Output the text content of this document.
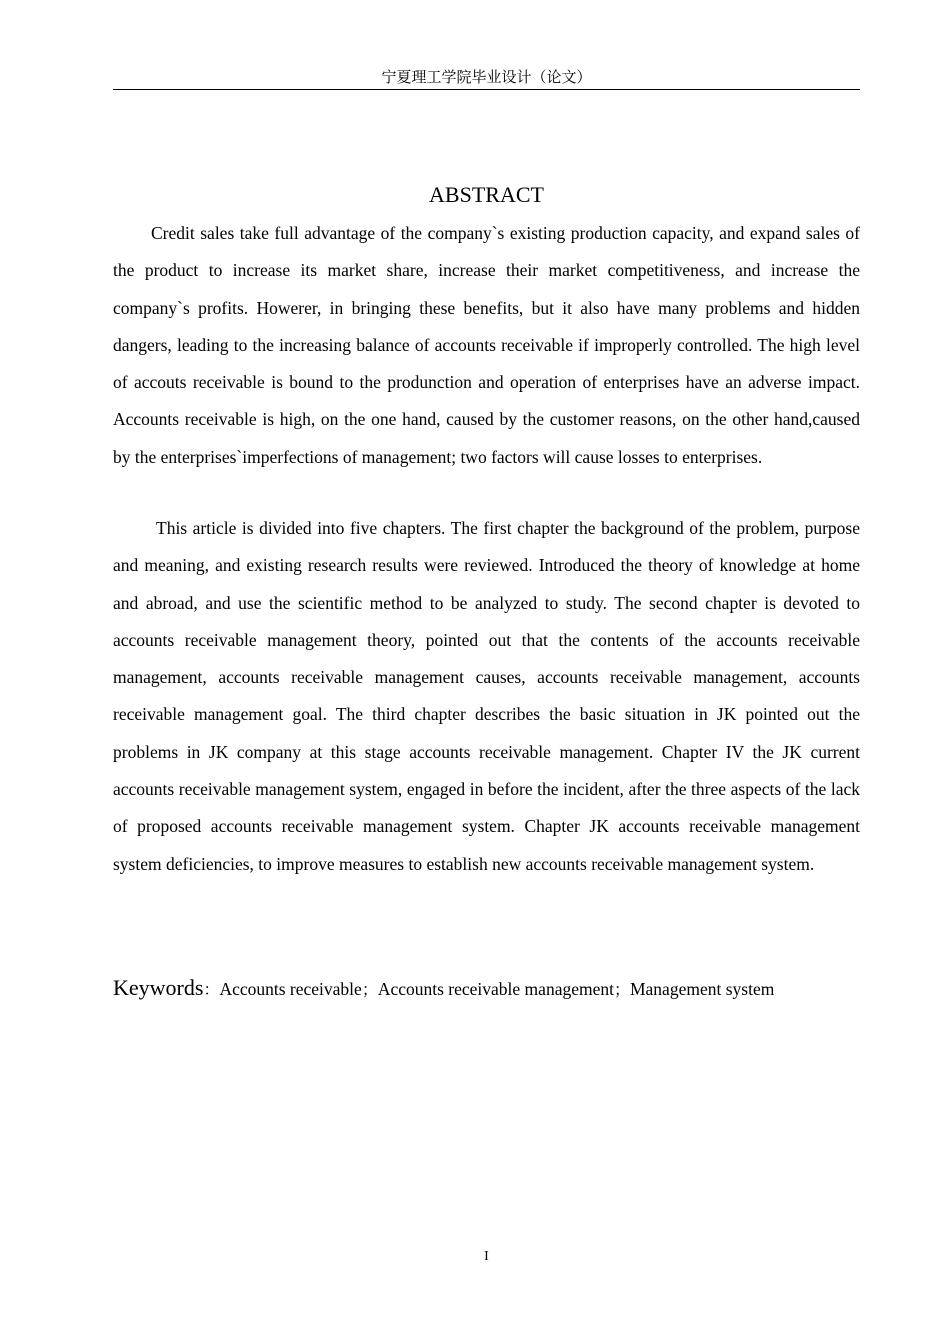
宁夏理工学院毕业设计（论文）
ABSTRACT

Credit sales take full advantage of the company`s existing production capacity, and expand sales of the product to increase its market share, increase their market competitiveness, and increase the company`s profits. Howerer, in bringing these benefits, but it also have many problems and hidden dangers, leading to the increasing balance of accounts receivable if improperly controlled. The high level of accouts receivable is bound to the produnction and operation of enterprises have an adverse impact. Accounts receivable is high, on the one hand, caused by the customer reasons, on the other hand,caused by the enterprises`imperfections of management; two factors will cause losses to enterprises.

This article is divided into five chapters. The first chapter the background of the problem, purpose and meaning, and existing research results were reviewed. Introduced the theory of knowledge at home and abroad, and use the scientific method to be analyzed to study. The second chapter is devoted to accounts receivable management theory, pointed out that the contents of the accounts receivable management, accounts receivable management causes, accounts receivable management, accounts receivable management goal. The third chapter describes the basic situation in JK pointed out the problems in JK company at this stage accounts receivable management. Chapter IV the JK current accounts receivable management system, engaged in before the incident, after the three aspects of the lack of proposed accounts receivable management system. Chapter JK accounts receivable management system deficiencies, to improve measures to establish new accounts receivable management system.

Keywords：Accounts receivable；Accounts receivable management；Management system
I
